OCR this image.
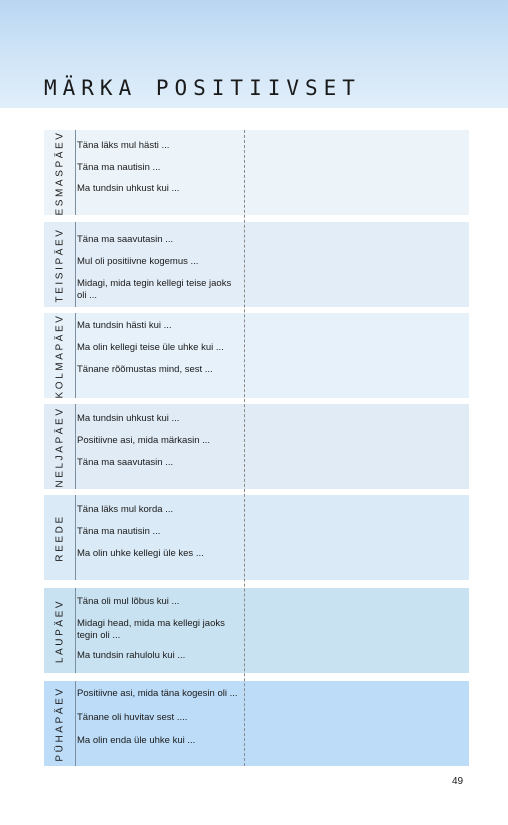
MÄRKA POSITIIVSET
ESMASPÄEV Täna läks mul hästi ...
Täna ma nautisin ...
Ma tundsin uhkust kui ...
TEISIPÄEV Täna ma saavutasin ...
Mul oli positiivne kogemus ...
Midagi, mida tegin kellegi teise jaoks oli ...
KOLMAPÄEV Ma tundsin hästi kui ...
Ma olin kellegi teise üle uhke kui ...
Tänane rõõmustas mind, sest ...
NELJAPÄEV Ma tundsin uhkust kui ...
Positiivne asi, mida märkasin ...
Täna ma saavutasin ...
REEDE
Täna läks mul korda ...
Täna ma nautisin ...
Ma olin uhke kellegi üle kes ...
LAUPÄEV Täna oli mul lõbus kui ...
Midagi head, mida ma kellegi jaoks tegin oli ...
Ma tundsin rahulolu kui ...
PÜHAPÄEV Positiivne asi, mida täna kogesin oli ...
Tänane oli huvitav sest ....
Ma olin enda üle uhke kui ...
49
